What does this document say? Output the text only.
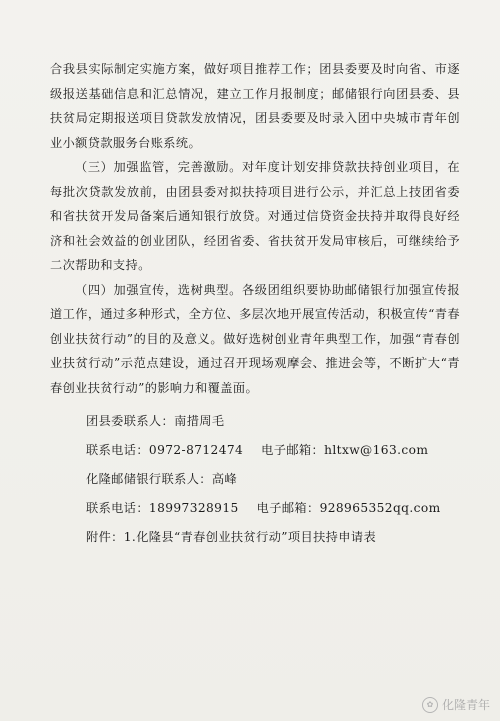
合我县实际制定实施方案，做好项目推荐工作；团县委要及时向省、市逐级报送基础信息和汇总情况，建立工作月报制度；邮储银行向团县委、县扶贫局定期报送项目贷款发放情况，团县委要及时录入团中央城市青年创业小额贷款服务台账系统。

（三）加强监管，完善激励。对年度计划安排贷款扶持创业项目，在每批次贷款发放前，由团县委对拟扶持项目进行公示，并汇总上技团省委和省扶贫开发局备案后通知银行放贷。对通过信贷资金扶持并取得良好经济和社会效益的创业团队，经团省委、省扶贫开发局审核后，可继续给予二次帮助和支持。

（四）加强宣传，选树典型。各级团组织要协助邮储银行加强宣传报道工作，通过多种形式，全方位、多层次地开展宣传活动，积极宣传“青春创业扶贫行动”的目的及意义。做好选树创业青年典型工作，加强“青春创业扶贫行动”示范点建设，通过召开现场观摩会、推进会等，不断扩大“青春创业扶贫行动”的影响力和覆盖面。

团县委联系人：南措周毛
联系电话：0972-8712474 电子邮箱：hltxw@163.com
化隆邮储银行联系人：高峰
联系电话：18997328915 电子邮箱：928965352qq.com
附件：1.化隆县“青春创业扶贫行动”项目扶持申请表
✿ 化隆青年
